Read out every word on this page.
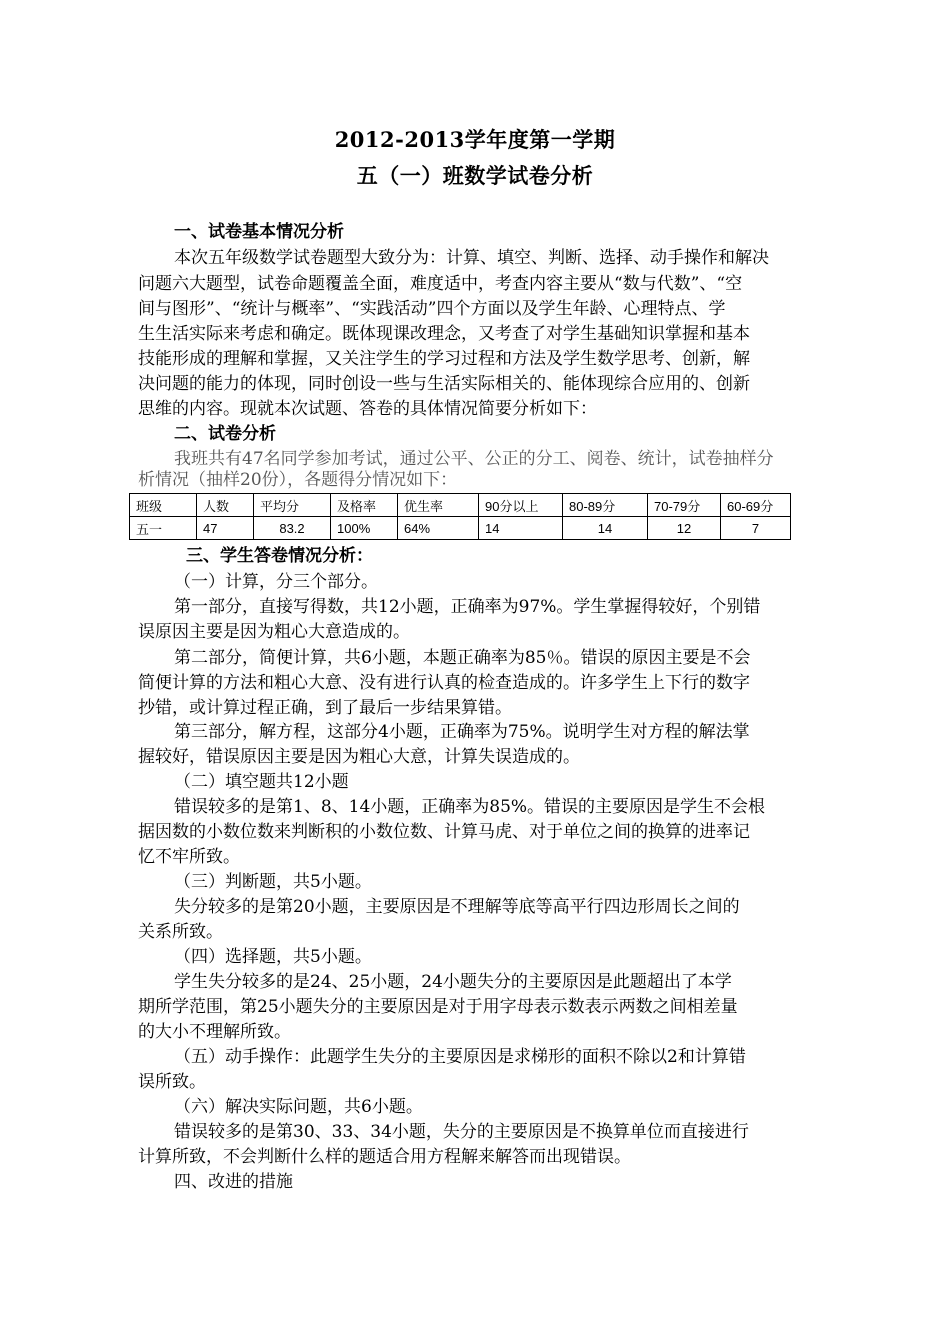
2012-2013学年度第一学期
五（一）班数学试卷分析
一、试卷基本情况分析
本次五年级数学试卷题型大致分为：计算、填空、判断、选择、动手操作和解决
问题六大题型，试卷命题覆盖全面，难度适中，考查内容主要从“数与代数”、“空
间与图形”、“统计与概率”、“实践活动”四个方面以及学生年龄、心理特点、学
生生活实际来考虑和确定。既体现课改理念，又考查了对学生基础知识掌握和基本
技能形成的理解和掌握，又关注学生的学习过程和方法及学生数学思考、创新，解
决问题的能力的体现，同时创设一些与生活实际相关的、能体现综合应用的、创新
思维的内容。现就本次试题、答卷的具体情况简要分析如下：
二、试卷分析
我班共有47名同学参加考试，通过公平、公正的分工、阅卷、统计，试卷抽样分
析情况（抽样20份），各题得分情况如下：
班级	人数	平均分	及格率	优生率	90分以上	80-89分	70-79分	60-69分
五一	47	83.2	100%	64%	14	14	12	7
三、学生答卷情况分析：
（一）计算，分三个部分。
第一部分，直接写得数，共12小题，正确率为97%。学生掌握得较好，个别错
误原因主要是因为粗心大意造成的。
第二部分，简便计算，共6小题，本题正确率为85％。错误的原因主要是不会
简便计算的方法和粗心大意、没有进行认真的检查造成的。许多学生上下行的数字
抄错，或计算过程正确，到了最后一步结果算错。
第三部分，解方程，这部分4小题，正确率为75%。说明学生对方程的解法掌
握较好，错误原因主要是因为粗心大意，计算失误造成的。
（二）填空题共12小题
错误较多的是第1、8、14小题，正确率为85%。错误的主要原因是学生不会根
据因数的小数位数来判断积的小数位数、计算马虎、对于单位之间的换算的进率记
忆不牢所致。
（三）判断题，共5小题。
失分较多的是第20小题，主要原因是不理解等底等高平行四边形周长之间的
关系所致。
（四）选择题，共5小题。
学生失分较多的是24、25小题，24小题失分的主要原因是此题超出了本学
期所学范围，第25小题失分的主要原因是对于用字母表示数表示两数之间相差量
的大小不理解所致。
（五）动手操作：此题学生失分的主要原因是求梯形的面积不除以2和计算错
误所致。
（六）解决实际问题，共6小题。
错误较多的是第30、33、34小题，失分的主要原因是不换算单位而直接进行
计算所致，不会判断什么样的题适合用方程解来解答而出现错误。
四、改进的措施
